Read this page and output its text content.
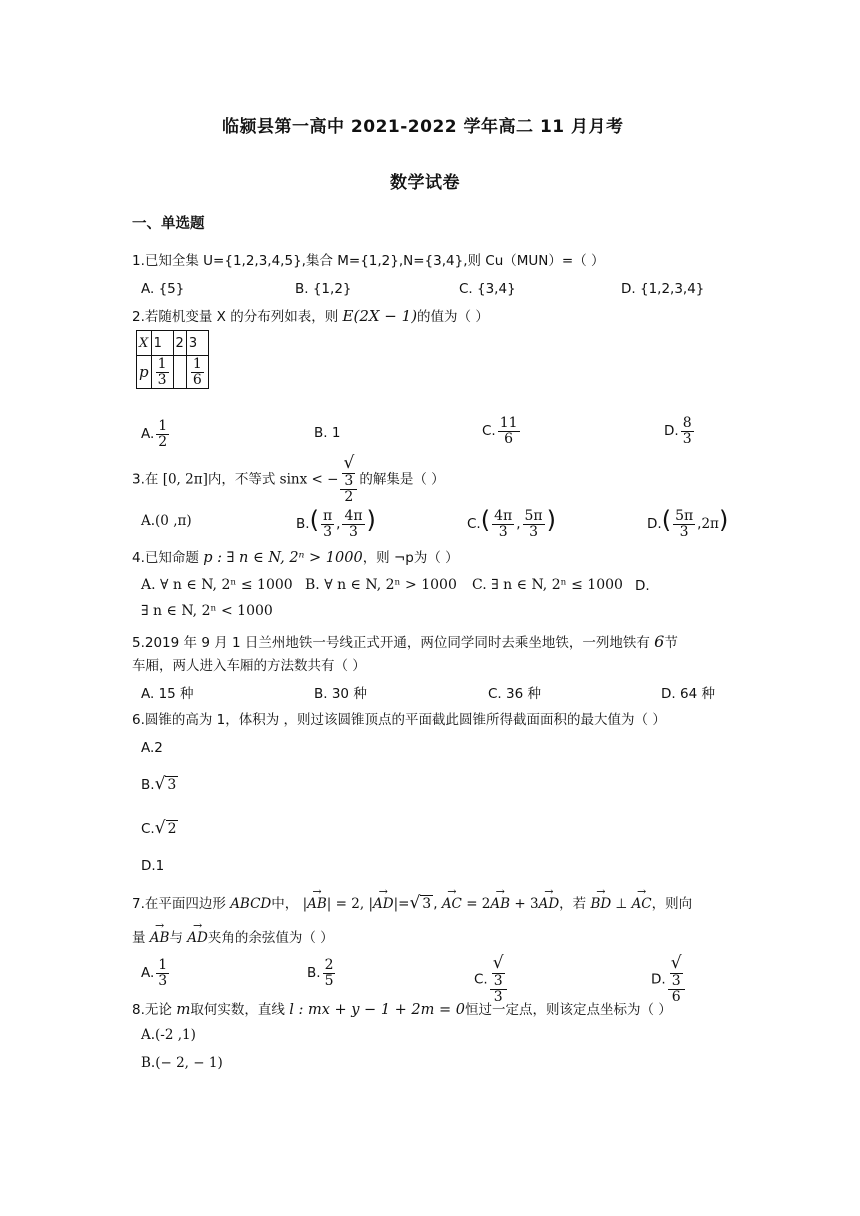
临颍县第一高中 2021-2022 学年高二 11 月月考
数学试卷
一、单选题
1.已知全集 U={1,2,3,4,5},集合 M={1,2},N={3,4},则 Cu（MUN）=（ ）
A. {5}	B. {1,2}	C. {3,4}	D. {1,2,3,4}
2.若随机变量 X 的分布列如表，则 E(2X − 1)的值为（ ）
X	1	2	3
p	$\frac{1}{3}$		$\frac{1}{6}$
A. $\frac{1}{2}$	B. 1	C. $\frac{11}{6}$	D. $\frac{8}{3}$
3.在 [0, 2π]内，不等式 sinx < − √
3
2 的解集是（ ）
A.(0 ,π)	$B.( \frac{\pi}{3}$ , $\frac{4\pi}{3}$ )	$C.( \frac{4\pi}{3}$ , $\frac{5\pi}{3}$ )	$D.( \frac{5\pi}{3} ,2\pi)$
4.已知命题 p : ∃ n ∈ N, 2ⁿ > 1000，则 ¬p为（ ）
A. ∀ n ∈ N, 2ⁿ ≤ 1000 B. ∀ n ∈ N, 2ⁿ > 1000 C. ∃ n ∈ N, 2ⁿ ≤ 1000 D.
∃ n ∈ N, 2ⁿ < 1000
5.2019 年 9 月 1 日兰州地铁一号线正式开通，两位同学同时去乘坐地铁，一列地铁有 6节
车厢，两人进入车厢的方法数共有（ ）
A. 15 种	B. 30 种	C. 36 种	D. 64 种
6.圆锥的高为 1，体积为 ，则过该圆锥顶点的平面截此圆锥所得截面面积的最大值为（ ）
A.2
B.√ 3
C.√ 2
D.1
7.在平面四边形 ABCD中， |→ AB| = 2, |→ AD|=√ 3 , → AC = 2→ AB + 3→ AD，若 → BD ⊥ → AC，则向
量 → AB与 → AD夹角的余弦值为（ ）
A. $\frac{1}{3}$	B. $\frac{2}{5}$	C. √
3
3	D. √
3
6
8.无论 m取何实数，直线 l : mx + y − 1 + 2m = 0恒过一定点，则该定点坐标为（ ）
A.(-2 ,1)
B.(− 2, − 1)
